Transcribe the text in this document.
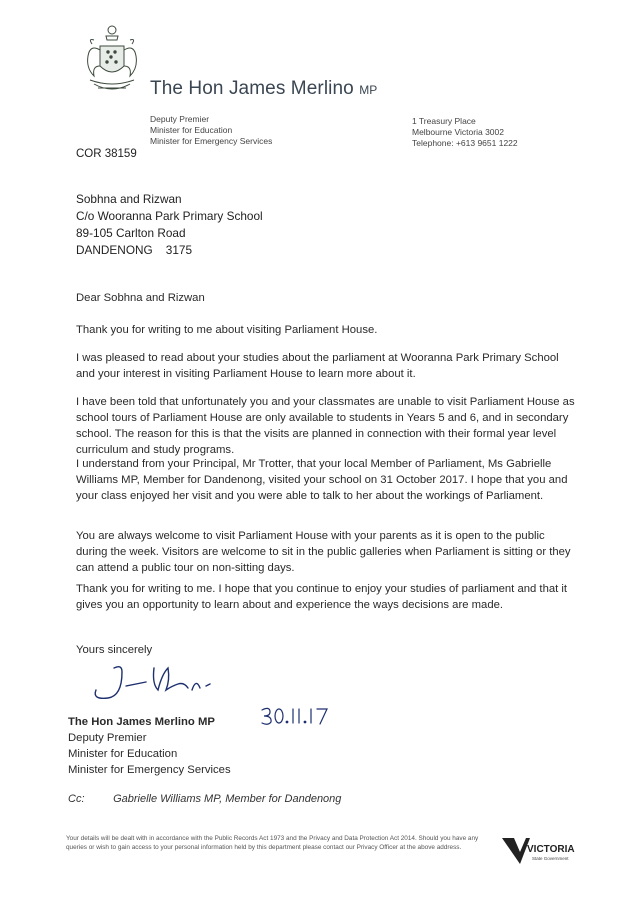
The Hon James Merlino MP
Deputy Premier
Minister for Education
Minister for Emergency Services
1 Treasury Place
Melbourne Victoria 3002
Telephone: +613 9651 1222
COR 38159
Sobhna and Rizwan
C/o Wooranna Park Primary School
89-105 Carlton Road
DANDENONG    3175
Dear Sobhna and Rizwan
Thank you for writing to me about visiting Parliament House.
I was pleased to read about your studies about the parliament at Wooranna Park Primary School and your interest in visiting Parliament House to learn more about it.
I have been told that unfortunately you and your classmates are unable to visit Parliament House as school tours of Parliament House are only available to students in Years 5 and 6, and in secondary school. The reason for this is that the visits are planned in connection with their formal year level curriculum and study programs.
I understand from your Principal, Mr Trotter, that your local Member of Parliament, Ms Gabrielle Williams MP, Member for Dandenong, visited your school on 31 October 2017. I hope that you and your class enjoyed her visit and you were able to talk to her about the workings of Parliament.
You are always welcome to visit Parliament House with your parents as it is open to the public during the week. Visitors are welcome to sit in the public galleries when Parliament is sitting or they can attend a public tour on non-sitting days.
Thank you for writing to me. I hope that you continue to enjoy your studies of parliament and that it gives you an opportunity to learn about and experience the ways decisions are made.
Yours sincerely
The Hon James Merlino MP
Deputy Premier
Minister for Education
Minister for Emergency Services
Cc:	Gabrielle Williams MP, Member for Dandenong
Your details will be dealt with in accordance with the Public Records Act 1973 and the Privacy and Data Protection Act 2014. Should you have any queries or wish to gain access to your personal information held by this department please contact our Privacy Officer at the above address.	VICTORIA
State Government
